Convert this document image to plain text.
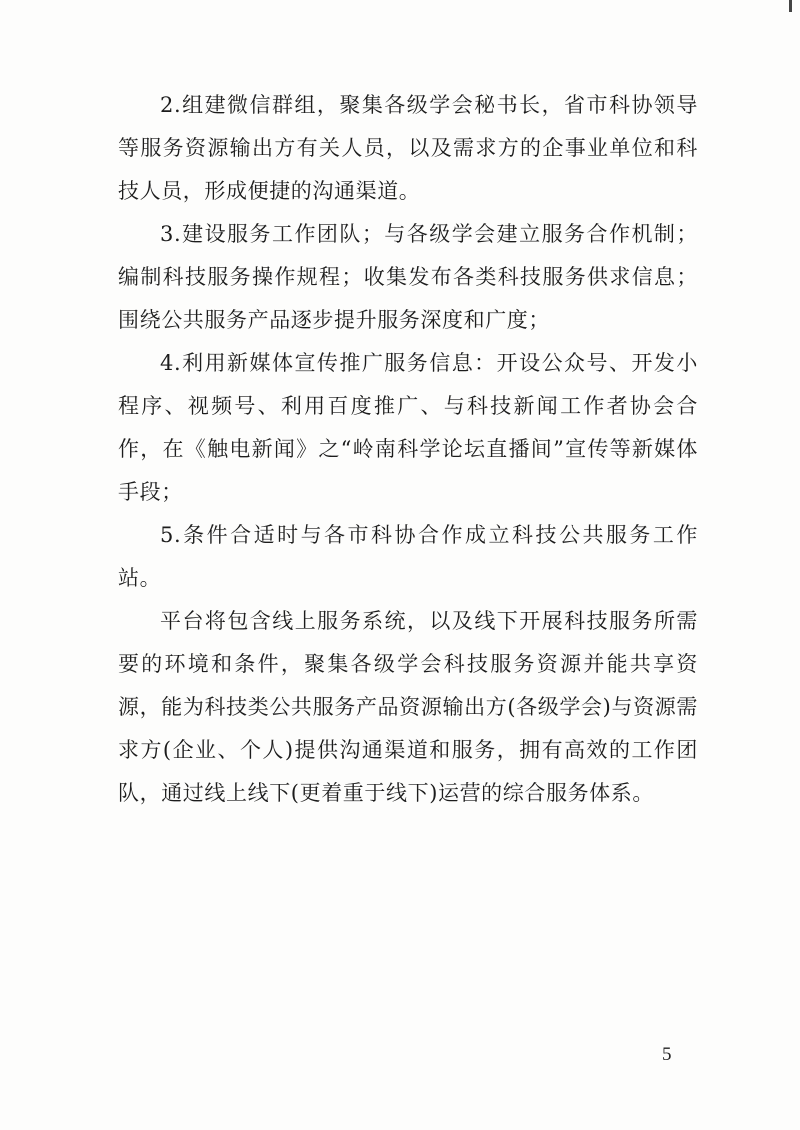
2.组建微信群组，聚集各级学会秘书长，省市科协领导等服务资源输出方有关人员，以及需求方的企事业单位和科技人员，形成便捷的沟通渠道。

3.建设服务工作团队；与各级学会建立服务合作机制；编制科技服务操作规程；收集发布各类科技服务供求信息；围绕公共服务产品逐步提升服务深度和广度；

4.利用新媒体宣传推广服务信息：开设公众号、开发小程序、视频号、利用百度推广、与科技新闻工作者协会合作，在《触电新闻》之“岭南科学论坛直播间”宣传等新媒体手段；

5.条件合适时与各市科协合作成立科技公共服务工作站。

平台将包含线上服务系统，以及线下开展科技服务所需要的环境和条件，聚集各级学会科技服务资源并能共享资源，能为科技类公共服务产品资源输出方(各级学会)与资源需求方(企业、个人)提供沟通渠道和服务，拥有高效的工作团队，通过线上线下(更着重于线下)运营的综合服务体系。

5
